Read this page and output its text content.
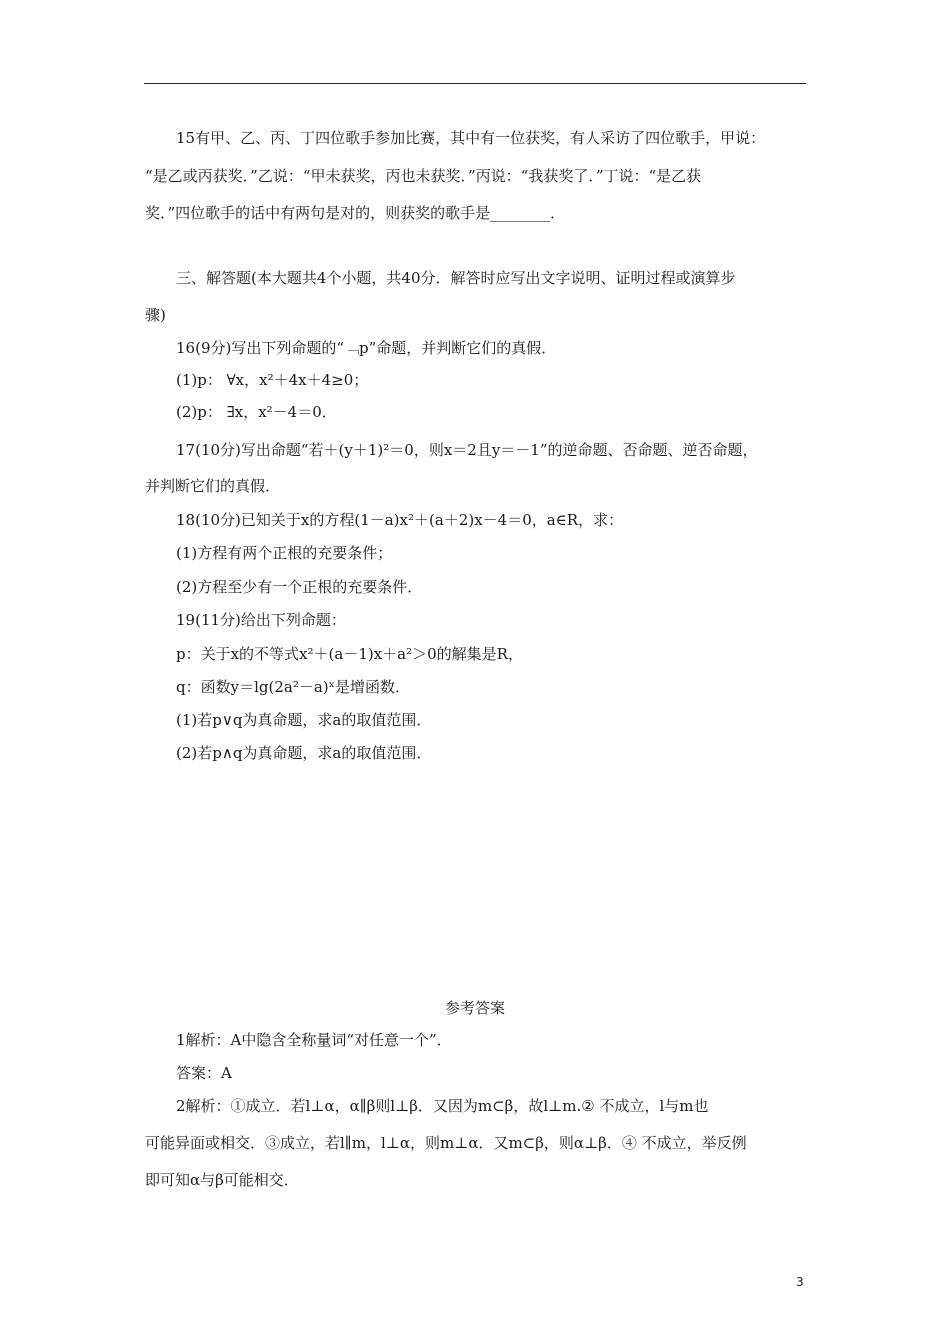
15有甲、乙、丙、丁四位歌手参加比赛，其中有一位获奖，有人采访了四位歌手，甲说：
“是乙或丙获奖．”乙说：“甲未获奖，丙也未获奖．”丙说：“我获奖了．”丁说：“是乙获
奖．”四位歌手的话中有两句是对的，则获奖的歌手是________．
三、解答题(本大题共4个小题，共40分．解答时应写出文字说明、证明过程或演算步
骤)
16(9分)写出下列命题的“﹁p”命题，并判断它们的真假．
(1)p： ∀x，x²＋4x＋4≥0；
(2)p： ∃x，x²－4＝0．
17(10分)写出命题“若＋(y＋1)²＝0，则x＝2且y＝－1”的逆命题、否命题、逆否命题，
并判断它们的真假．
18(10分)已知关于x的方程(1－a)x²＋(a＋2)x－4＝0，a∈R，求：
(1)方程有两个正根的充要条件；
(2)方程至少有一个正根的充要条件．
19(11分)给出下列命题：
p：关于x的不等式x²＋(a－1)x＋a²＞0的解集是R，
q：函数y＝lg(2a²－a)ˣ是增函数．
(1)若p∨q为真命题，求a的取值范围．
(2)若p∧q为真命题，求a的取值范围．
参考答案
1解析：A中隐含全称量词“对任意一个”．
答案：A
2解析：①成立．若l⊥α，α∥β则l⊥β．又因为m⊂β，故l⊥m.② 不成立，l与m也
可能异面或相交．③成立，若l∥m，l⊥α，则m⊥α．又m⊂β，则α⊥β．④ 不成立，举反例
即可知α与β可能相交．
3
